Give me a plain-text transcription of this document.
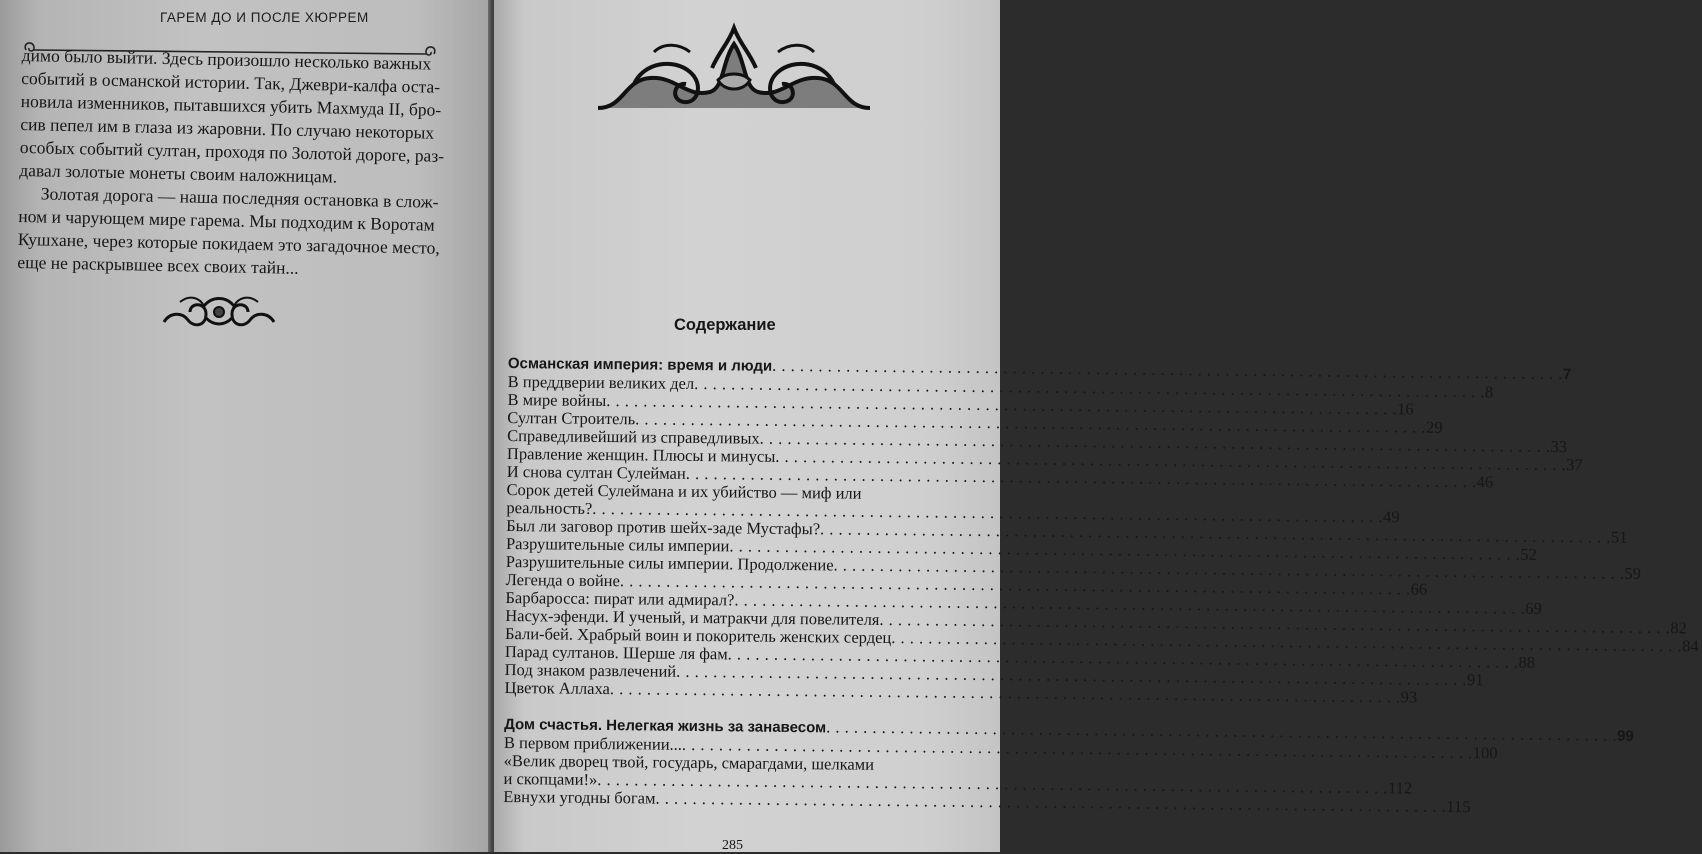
ГАРЕМ ДО И ПОСЛЕ ХЮРРЕМ

димо было выйти. Здесь произошло несколько важных
событий в османской истории. Так, Джеври-калфа оста-
новила изменников, пытавшихся убить Махмуда II, бро-
сив пепел им в глаза из жаровни. По случаю некоторых
особых событий султан, проходя по Золотой дороге, раз-
давал золотые монеты своим наложницам.

Золотая дорога — наша последняя остановка в слож-
ном и чарующем мире гарема. Мы подходим к Воротам
Кушхане, через которые покидаем это загадочное место,
еще не раскрывшее всех своих тайн...

Содержание
Османская империя: время и люди . . .	7
В преддверии великих дел . . .	8
В мире войны . . .	16
Султан Строитель . . .	29
Справедливейший из справедливых . . .	33
Правление женщин. Плюсы и минусы . . .	37
И снова султан Сулейман . . .	46
Сорок детей Сулеймана и их убийство — миф или
реальность? . . .	49
Был ли заговор против шейх-заде Мустафы? . . .	51
Разрушительные силы империи . . .	52
Разрушительные силы империи. Продолжение . . .	59
Легенда о войне . . .	66
Барбаросса: пират или адмирал? . . .	69
Насух-эфенди. И ученый, и матракчи для повелителя . . .	82
Бали-бей. Храбрый воин и покоритель женских сердец . . .	84
Парад султанов. Шерше ля фам . . .	88
Под знаком развлечений . . .	91
Цветок Аллаха . . .	93
Дом счастья. Нелегкая жизнь за занавесом . . .	99
В первом приближении... . . .	100
«Велик дворец твой, государь, смарагдами, шелками
и скопцами!» . . .	112
Евнухи угодны богам . . .	115
285
